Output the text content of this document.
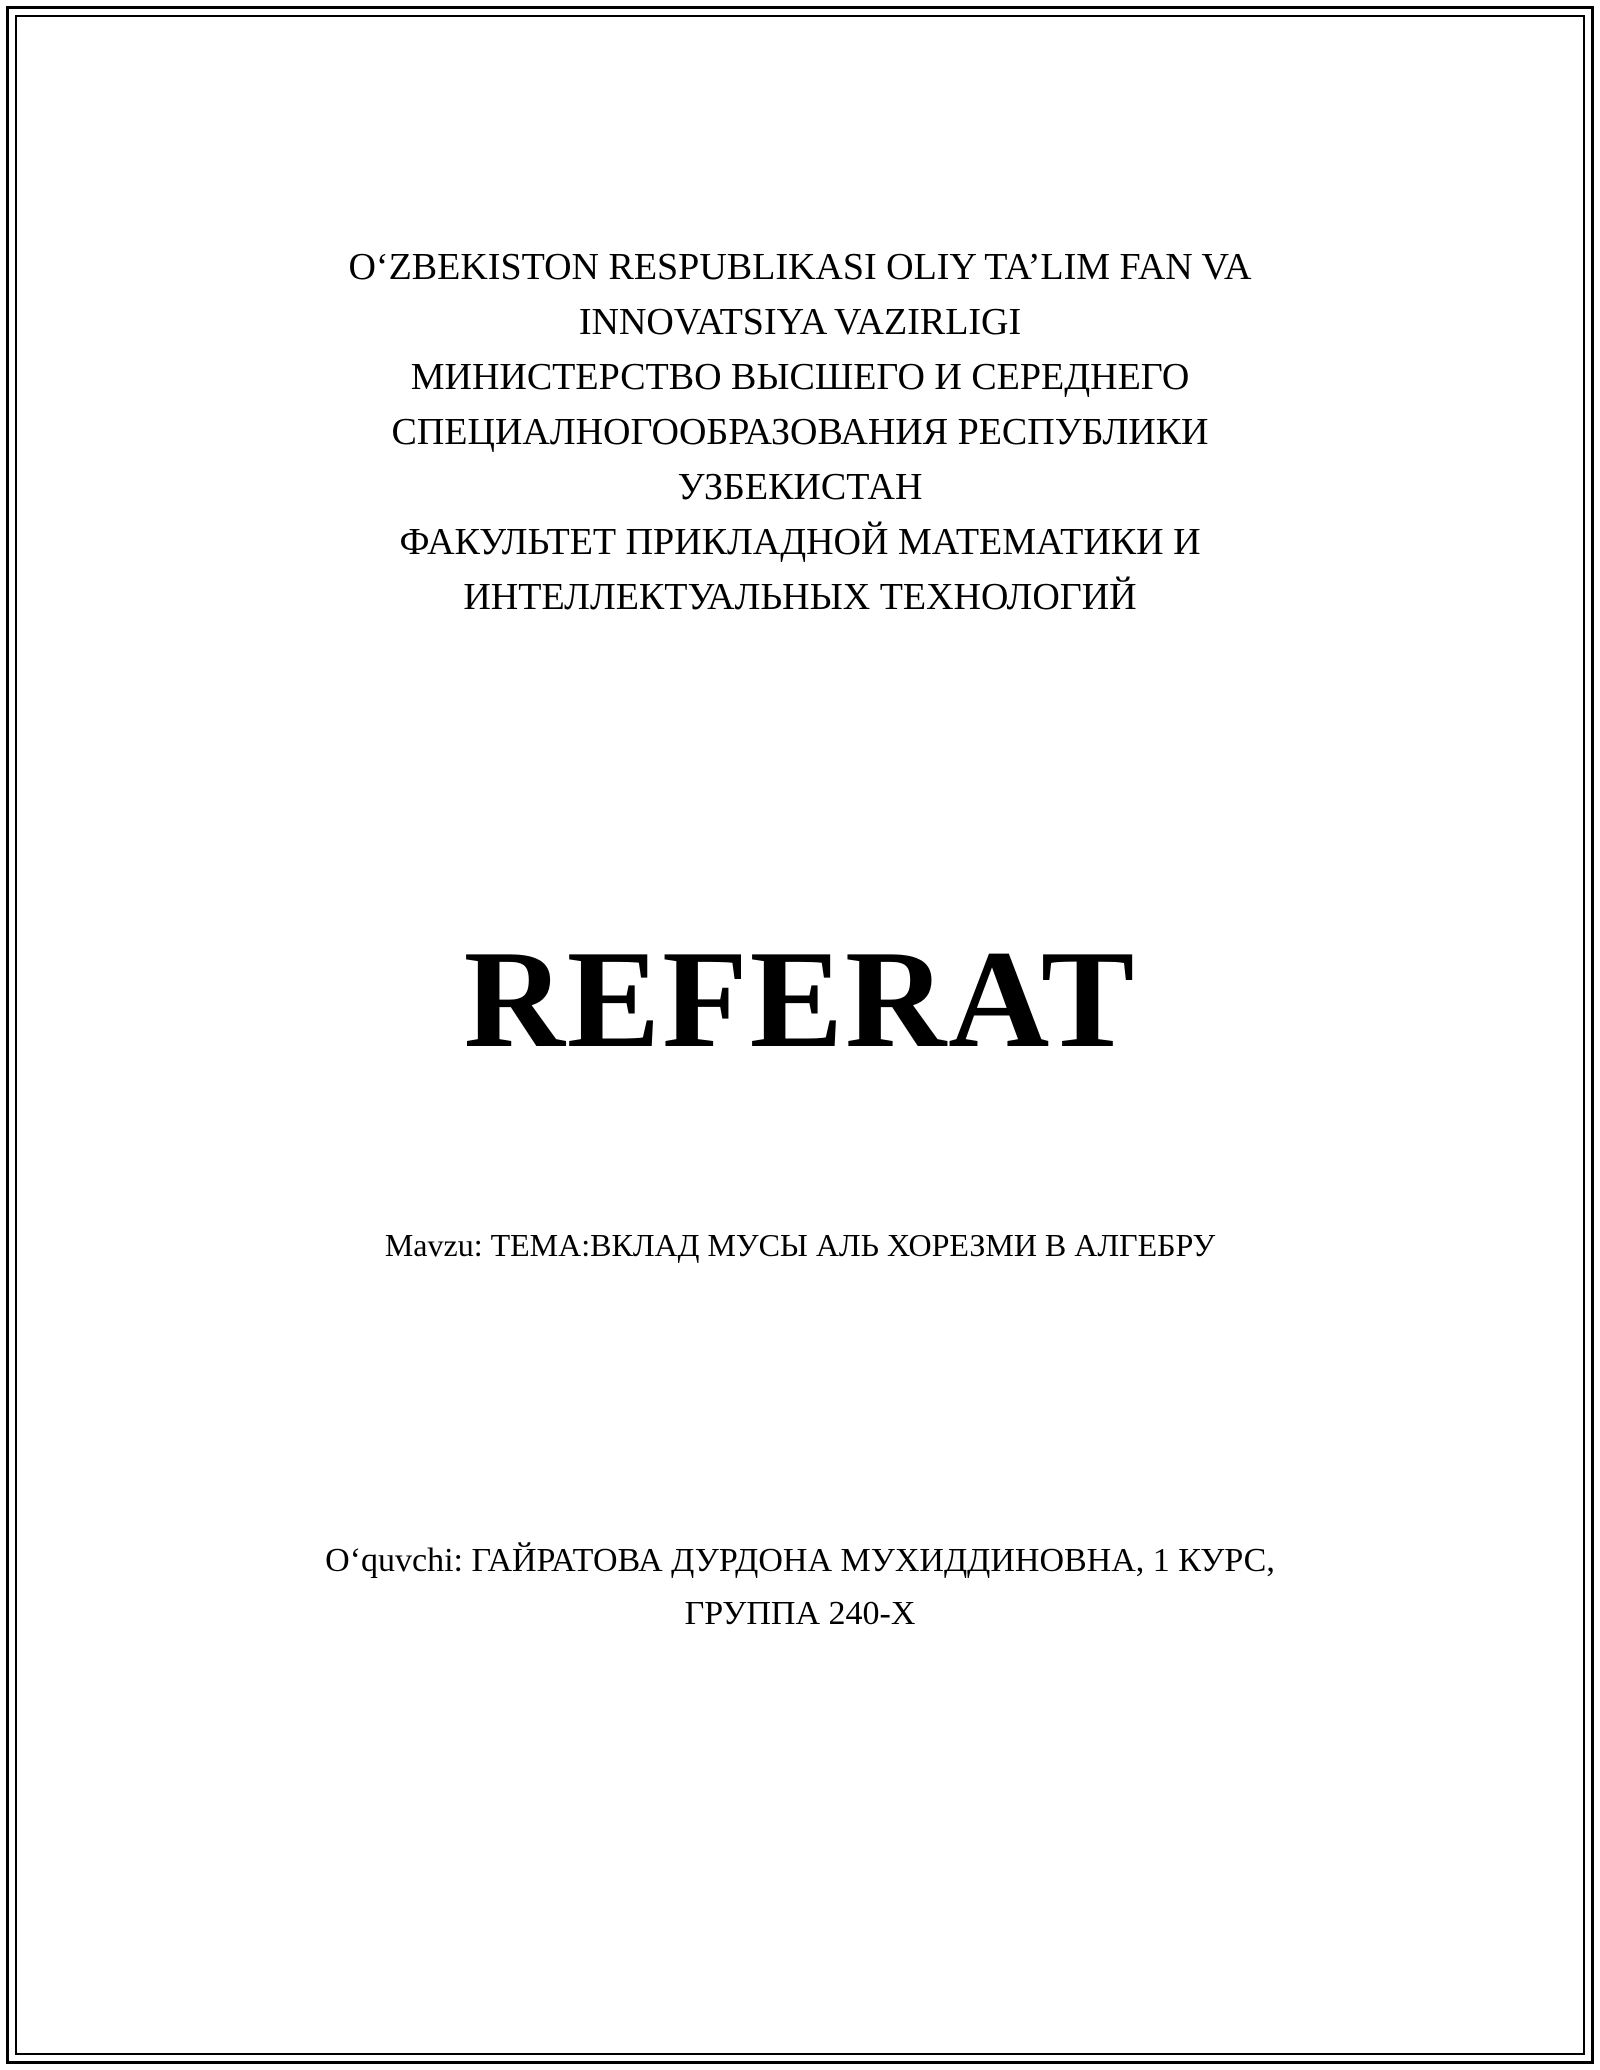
O‘ZBEKISTON RESPUBLIKASI OLIY TA’LIM FAN VA
INNOVATSIYA VAZIRLIGI
МИНИСТЕРСТВО ВЫСШЕГО И СЕРЕДНЕГО
СПЕЦИАЛНОГООБРАЗОВАНИЯ РЕСПУБЛИКИ
УЗБЕКИСТАН
ФАКУЛЬТЕТ ПРИКЛАДНОЙ МАТЕМАТИКИ И
ИНТЕЛЛЕКТУАЛЬНЫХ ТЕХНОЛОГИЙ
REFERAT
Mavzu: ТЕМА:ВКЛАД МУСЫ АЛЬ ХОРЕЗМИ В АЛГЕБРУ
O‘quvchi: ГАЙРАТОВА ДУРДОНА МУХИДДИНОВНА, 1 КУРС,
ГРУППА 240-Х
